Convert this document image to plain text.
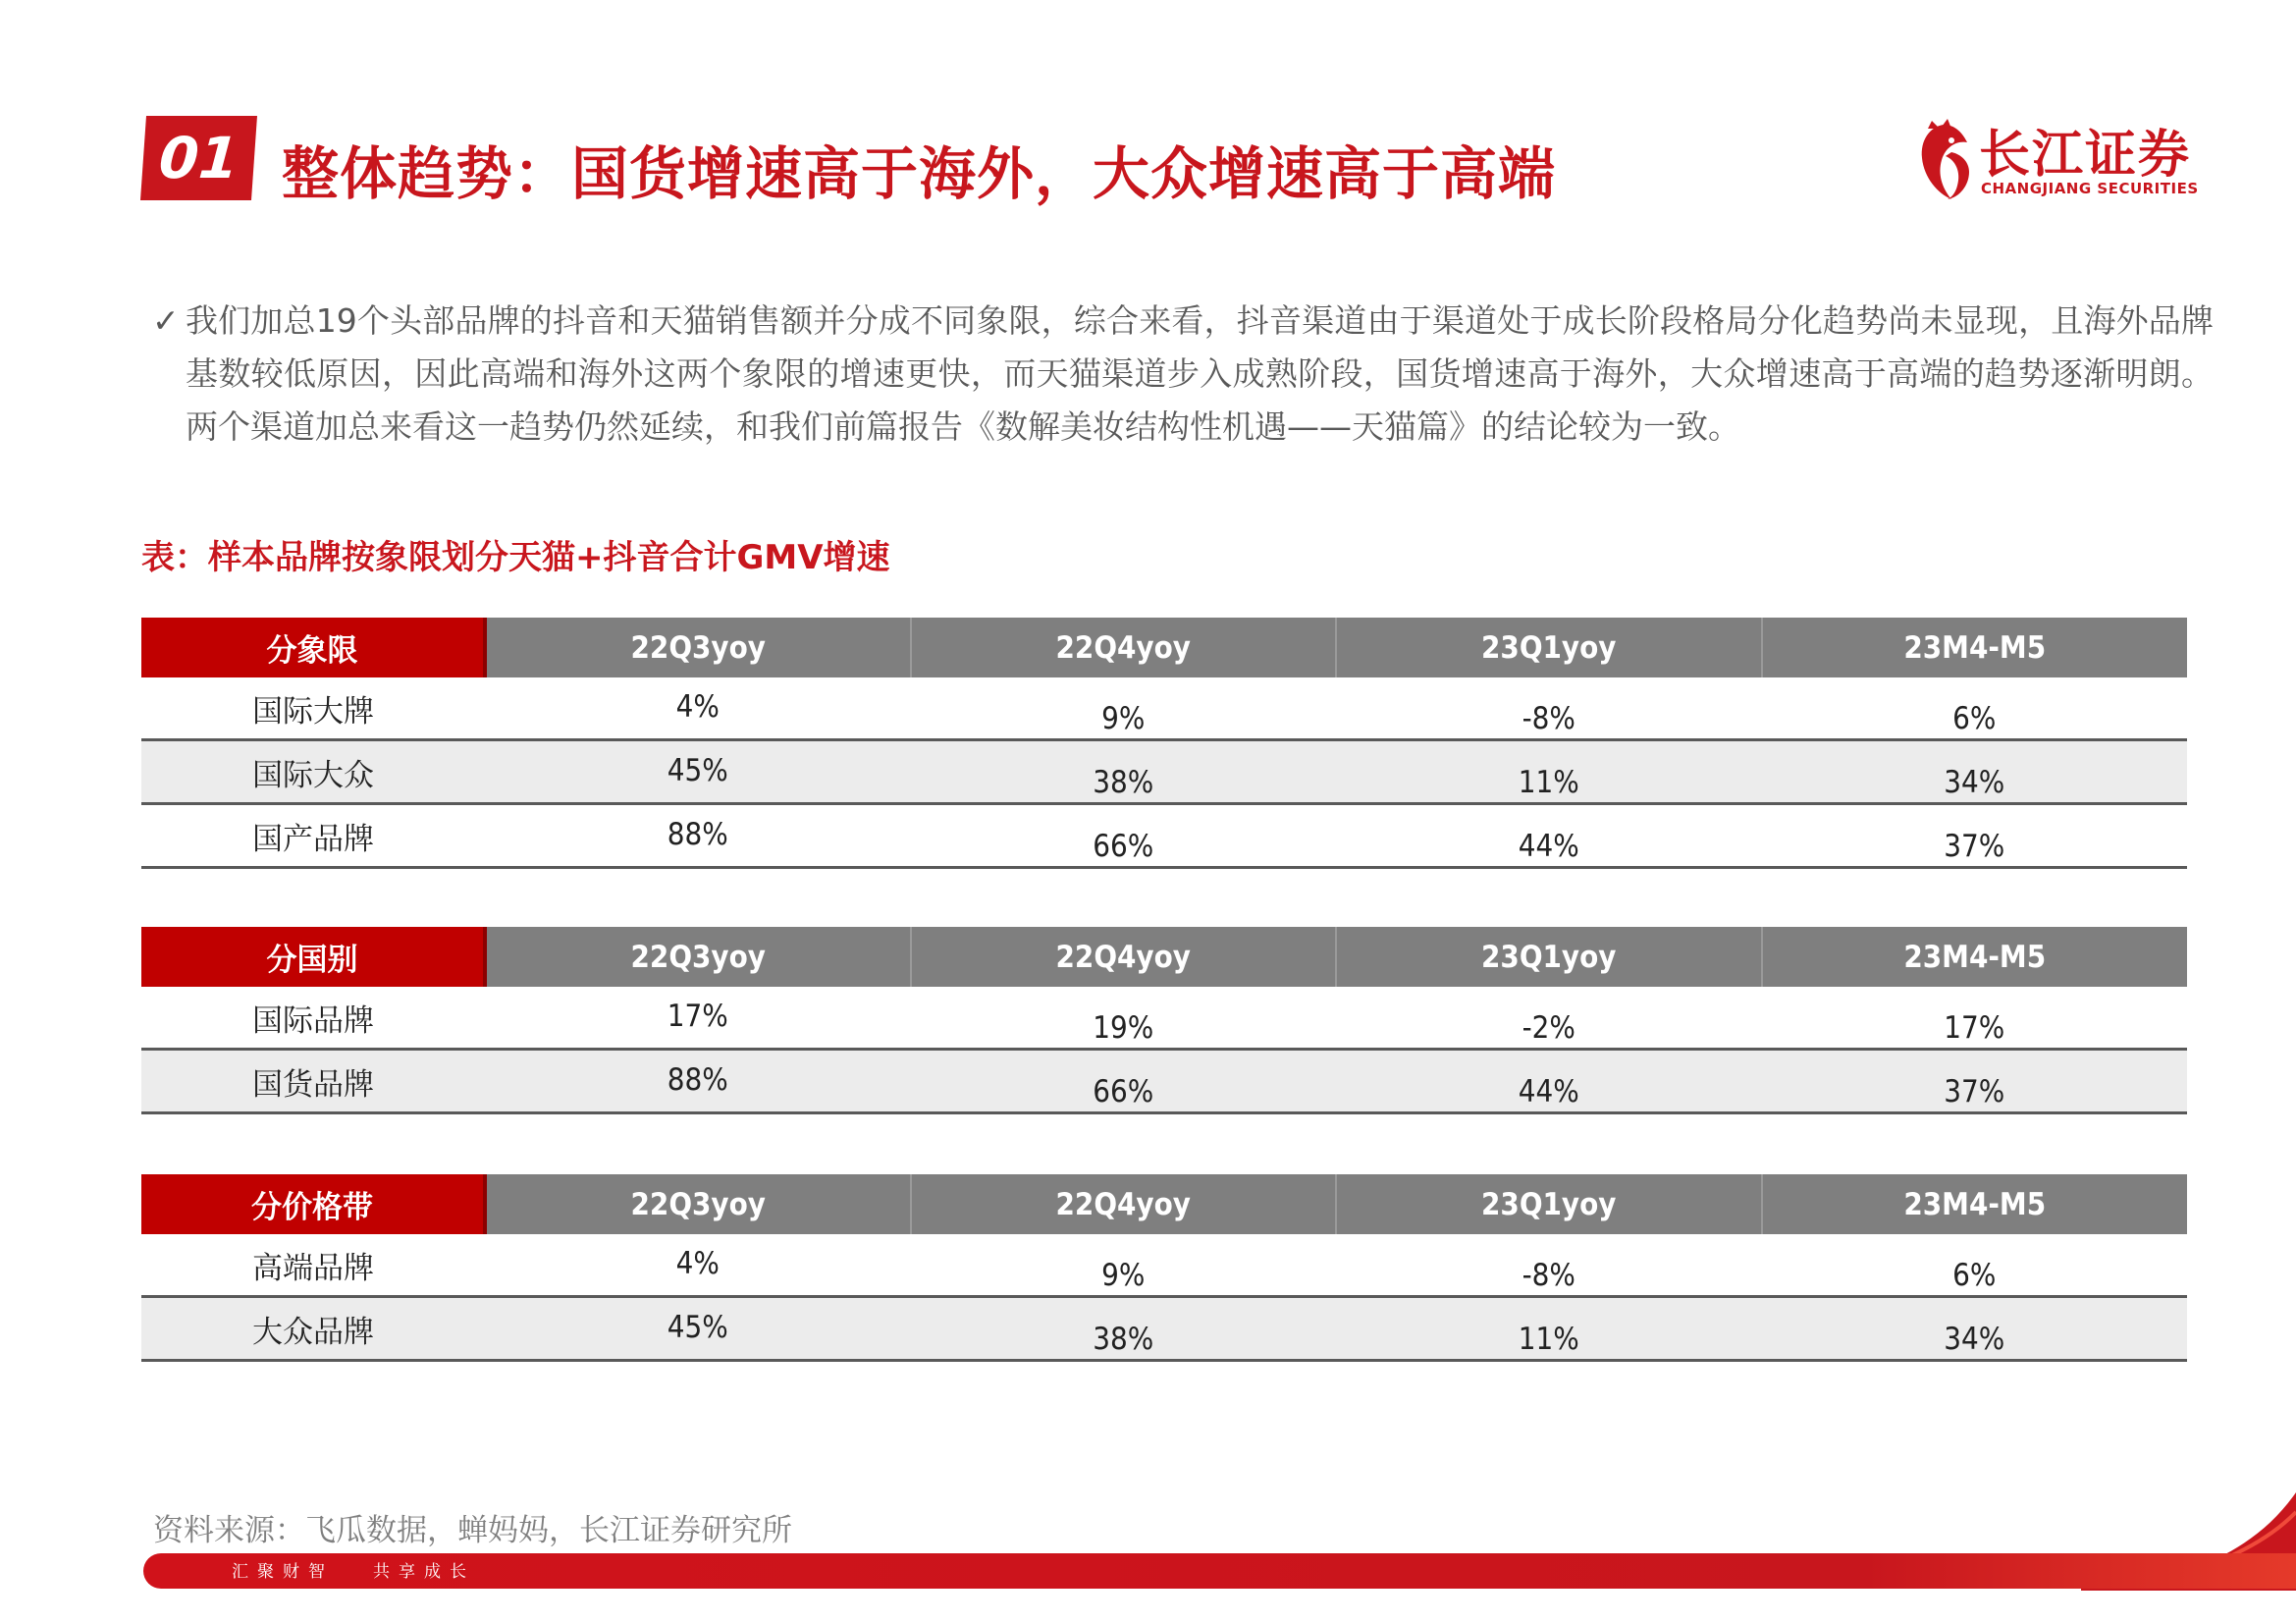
01 整体趋势：国货增速高于海外，大众增速高于高端	长江证券
CHANGJIANG SECURITIES
✓ 我们加总19个头部品牌的抖音和天猫销售额并分成不同象限，综合来看，抖音渠道由于渠道处于成长阶段格局分化趋势尚未显现，且海外品牌基数较低原因，因此高端和海外这两个象限的增速更快，而天猫渠道步入成熟阶段，国货增速高于海外，大众增速高于高端的趋势逐渐明朗。两个渠道加总来看这一趋势仍然延续，和我们前篇报告《数解美妆结构性机遇——天猫篇》的结论较为一致。
表：样本品牌按象限划分天猫+抖音合计GMV增速
分象限	22Q3yoy	22Q4yoy	23Q1yoy	23M4-M5
国际大牌	4%	9%	-8%	6%
国际大众	45%	38%	11%	34%
国产品牌	88%	66%	44%	37%
分国别	22Q3yoy	22Q4yoy	23Q1yoy	23M4-M5
国际品牌	17%	19%	-2%	17%
国货品牌	88%	66%	44%	37%
分价格带	22Q3yoy	22Q4yoy	23Q1yoy	23M4-M5
高端品牌	4%	9%	-8%	6%
大众品牌	45%	38%	11%	34%
资料来源：飞瓜数据，蝉妈妈，长江证券研究所
汇聚财智 共享成长
